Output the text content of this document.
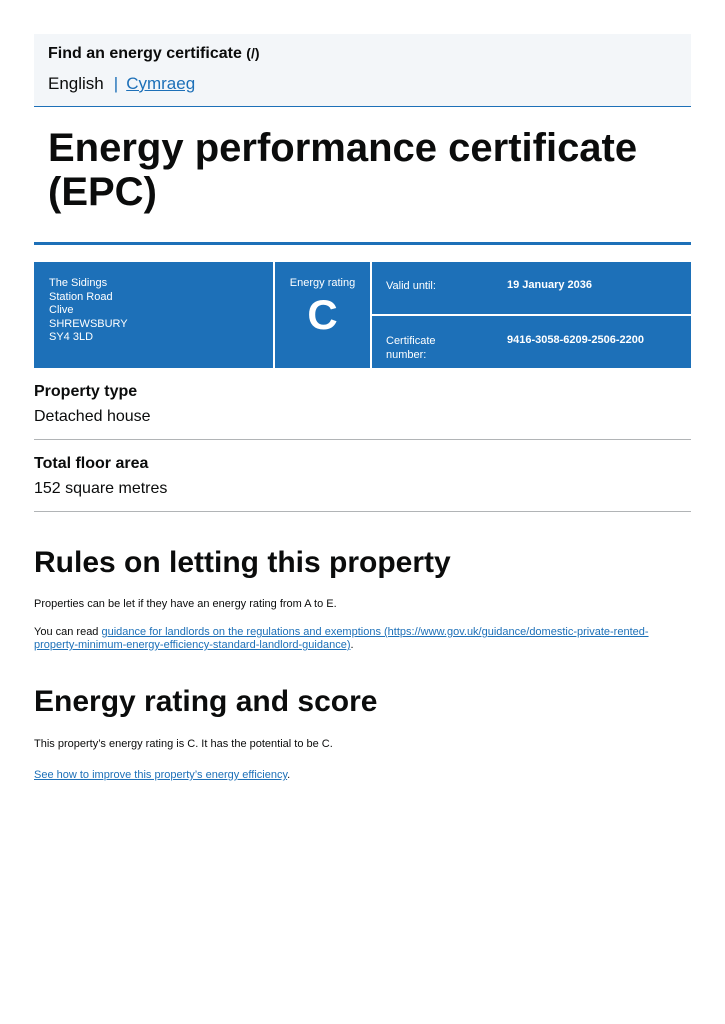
Find an energy certificate (/)
English | Cymraeg
Energy performance certificate (EPC)
The Sidings
Station Road
Clive
SHREWSBURY
SY4 3LD
Energy rating
C
Valid until:	19 January 2036
Certificate number:
9416-3058-6209-2506-2200
Property type
Detached house
Total floor area
152 square metres
Rules on letting this property

Properties can be let if they have an energy rating from A to E.

You can read guidance for landlords on the regulations and exemptions (https://www.gov.uk/guidance/domestic-private-rented-property-minimum-energy-efficiency-standard-landlord-guidance).

Energy rating and score

This property’s energy rating is C. It has the potential to be C.

See how to improve this property’s energy efficiency.
